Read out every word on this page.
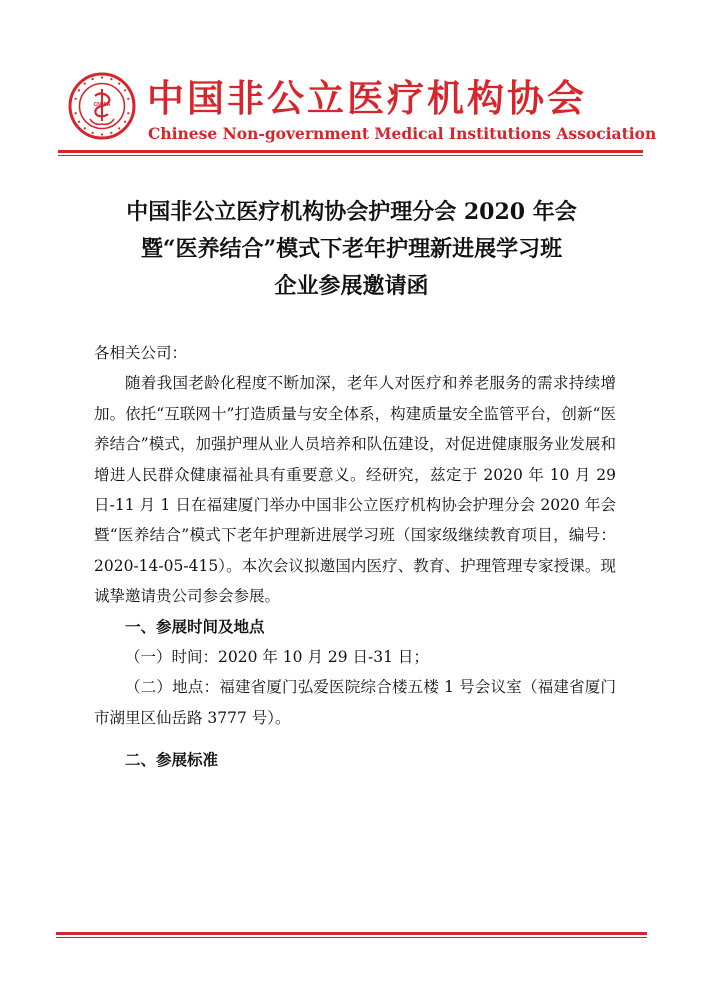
CNMIA 中国非公立医疗机构协会
Chinese Non-government Medical Institutions Association
中国非公立医疗机构协会护理分会 2020 年会
暨“医养结合”模式下老年护理新进展学习班
企业参展邀请函

各相关公司：

随着我国老龄化程度不断加深，老年人对医疗和养老服务的需求持续增加。依托“互联网十”打造质量与安全体系，构建质量安全监管平台，创新“医养结合”模式，加强护理从业人员培养和队伍建设，对促进健康服务业发展和增进人民群众健康福祉具有重要意义。经研究，兹定于 2020 年 10 月 29 日-11 月 1 日在福建厦门举办中国非公立医疗机构协会护理分会 2020 年会暨“医养结合”模式下老年护理新进展学习班（国家级继续教育项目，编号：2020-14-05-415）。本次会议拟邀国内医疗、教育、护理管理专家授课。现诚挚邀请贵公司参会参展。

一、参展时间及地点

（一）时间：2020 年 10 月 29 日-31 日；

（二）地点：福建省厦门弘爱医院综合楼五楼 1 号会议室（福建省厦门市湖里区仙岳路 3777 号）。

二、参展标准
